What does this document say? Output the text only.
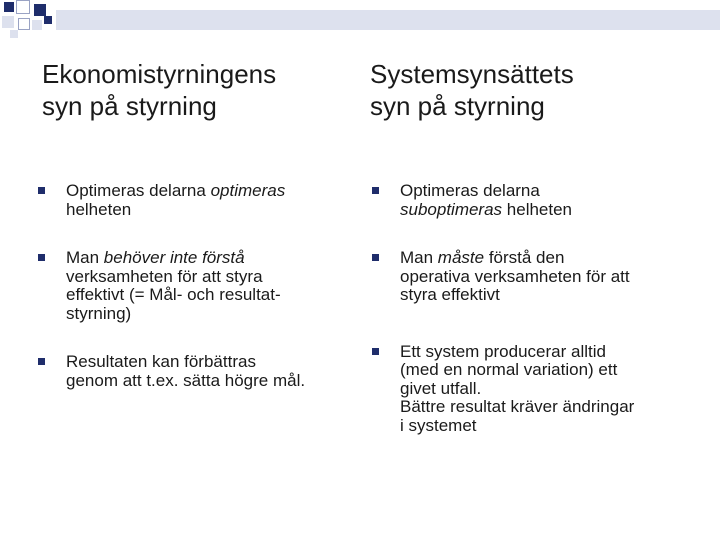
Ekonomistyrningens
syn på styrning
Systemsynsättets
syn på styrning
Optimeras delarna optimeras
helheten
Man behöver inte förstå
verksamheten för att styra
effektivt (= Mål- och resultat-
styrning)
Resultaten kan förbättras
genom att t.ex. sätta högre mål.
Optimeras delarna
suboptimeras helheten
Man måste förstå den
operativa verksamheten för att
styra effektivt
Ett system producerar alltid
(med en normal variation) ett
givet utfall.
Bättre resultat kräver ändringar
i systemet
